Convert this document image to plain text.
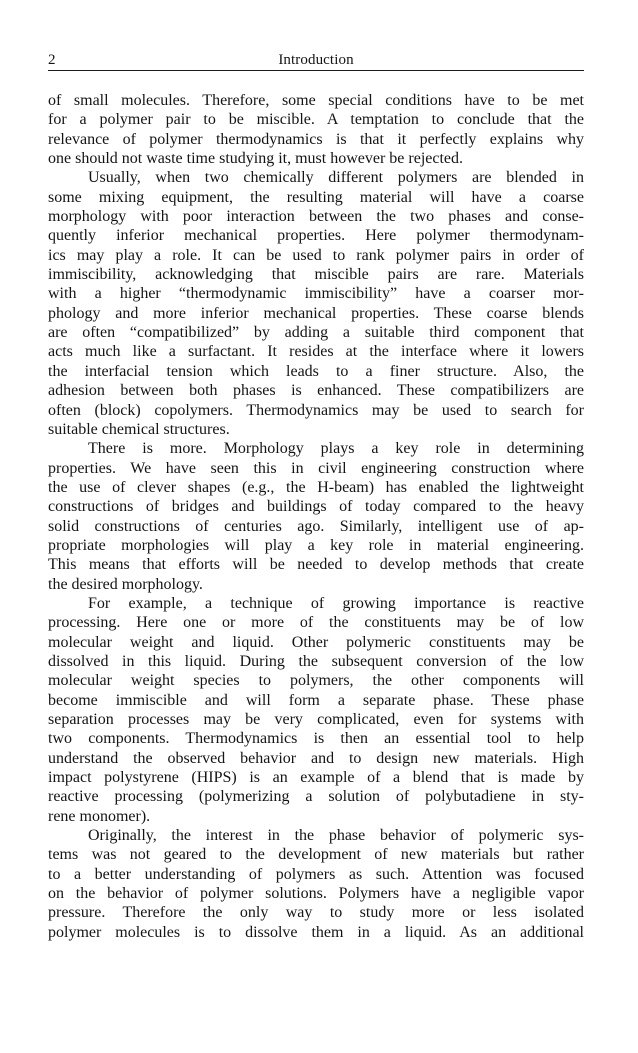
2	Introduction
of small molecules. Therefore, some special conditions have to be met
for a polymer pair to be miscible. A temptation to conclude that the
relevance of polymer thermodynamics is that it perfectly explains why
one should not waste time studying it, must however be rejected.
Usually, when two chemically different polymers are blended in
some mixing equipment, the resulting material will have a coarse
morphology with poor interaction between the two phases and conse-
quently inferior mechanical properties. Here polymer thermodynam-
ics may play a role. It can be used to rank polymer pairs in order of
immiscibility, acknowledging that miscible pairs are rare. Materials
with a higher “thermodynamic immiscibility” have a coarser mor-
phology and more inferior mechanical properties. These coarse blends
are often “compatibilized” by adding a suitable third component that
acts much like a surfactant. It resides at the interface where it lowers
the interfacial tension which leads to a finer structure. Also, the
adhesion between both phases is enhanced. These compatibilizers are
often (block) copolymers. Thermodynamics may be used to search for
suitable chemical structures.
There is more. Morphology plays a key role in determining
properties. We have seen this in civil engineering construction where
the use of clever shapes (e.g., the H-beam) has enabled the lightweight
constructions of bridges and buildings of today compared to the heavy
solid constructions of centuries ago. Similarly, intelligent use of ap-
propriate morphologies will play a key role in material engineering.
This means that efforts will be needed to develop methods that create
the desired morphology.
For example, a technique of growing importance is reactive
processing. Here one or more of the constituents may be of low
molecular weight and liquid. Other polymeric constituents may be
dissolved in this liquid. During the subsequent conversion of the low
molecular weight species to polymers, the other components will
become immiscible and will form a separate phase. These phase
separation processes may be very complicated, even for systems with
two components. Thermodynamics is then an essential tool to help
understand the observed behavior and to design new materials. High
impact polystyrene (HIPS) is an example of a blend that is made by
reactive processing (polymerizing a solution of polybutadiene in sty-
rene monomer).
Originally, the interest in the phase behavior of polymeric sys-
tems was not geared to the development of new materials but rather
to a better understanding of polymers as such. Attention was focused
on the behavior of polymer solutions. Polymers have a negligible vapor
pressure. Therefore the only way to study more or less isolated
polymer molecules is to dissolve them in a liquid. As an additional
